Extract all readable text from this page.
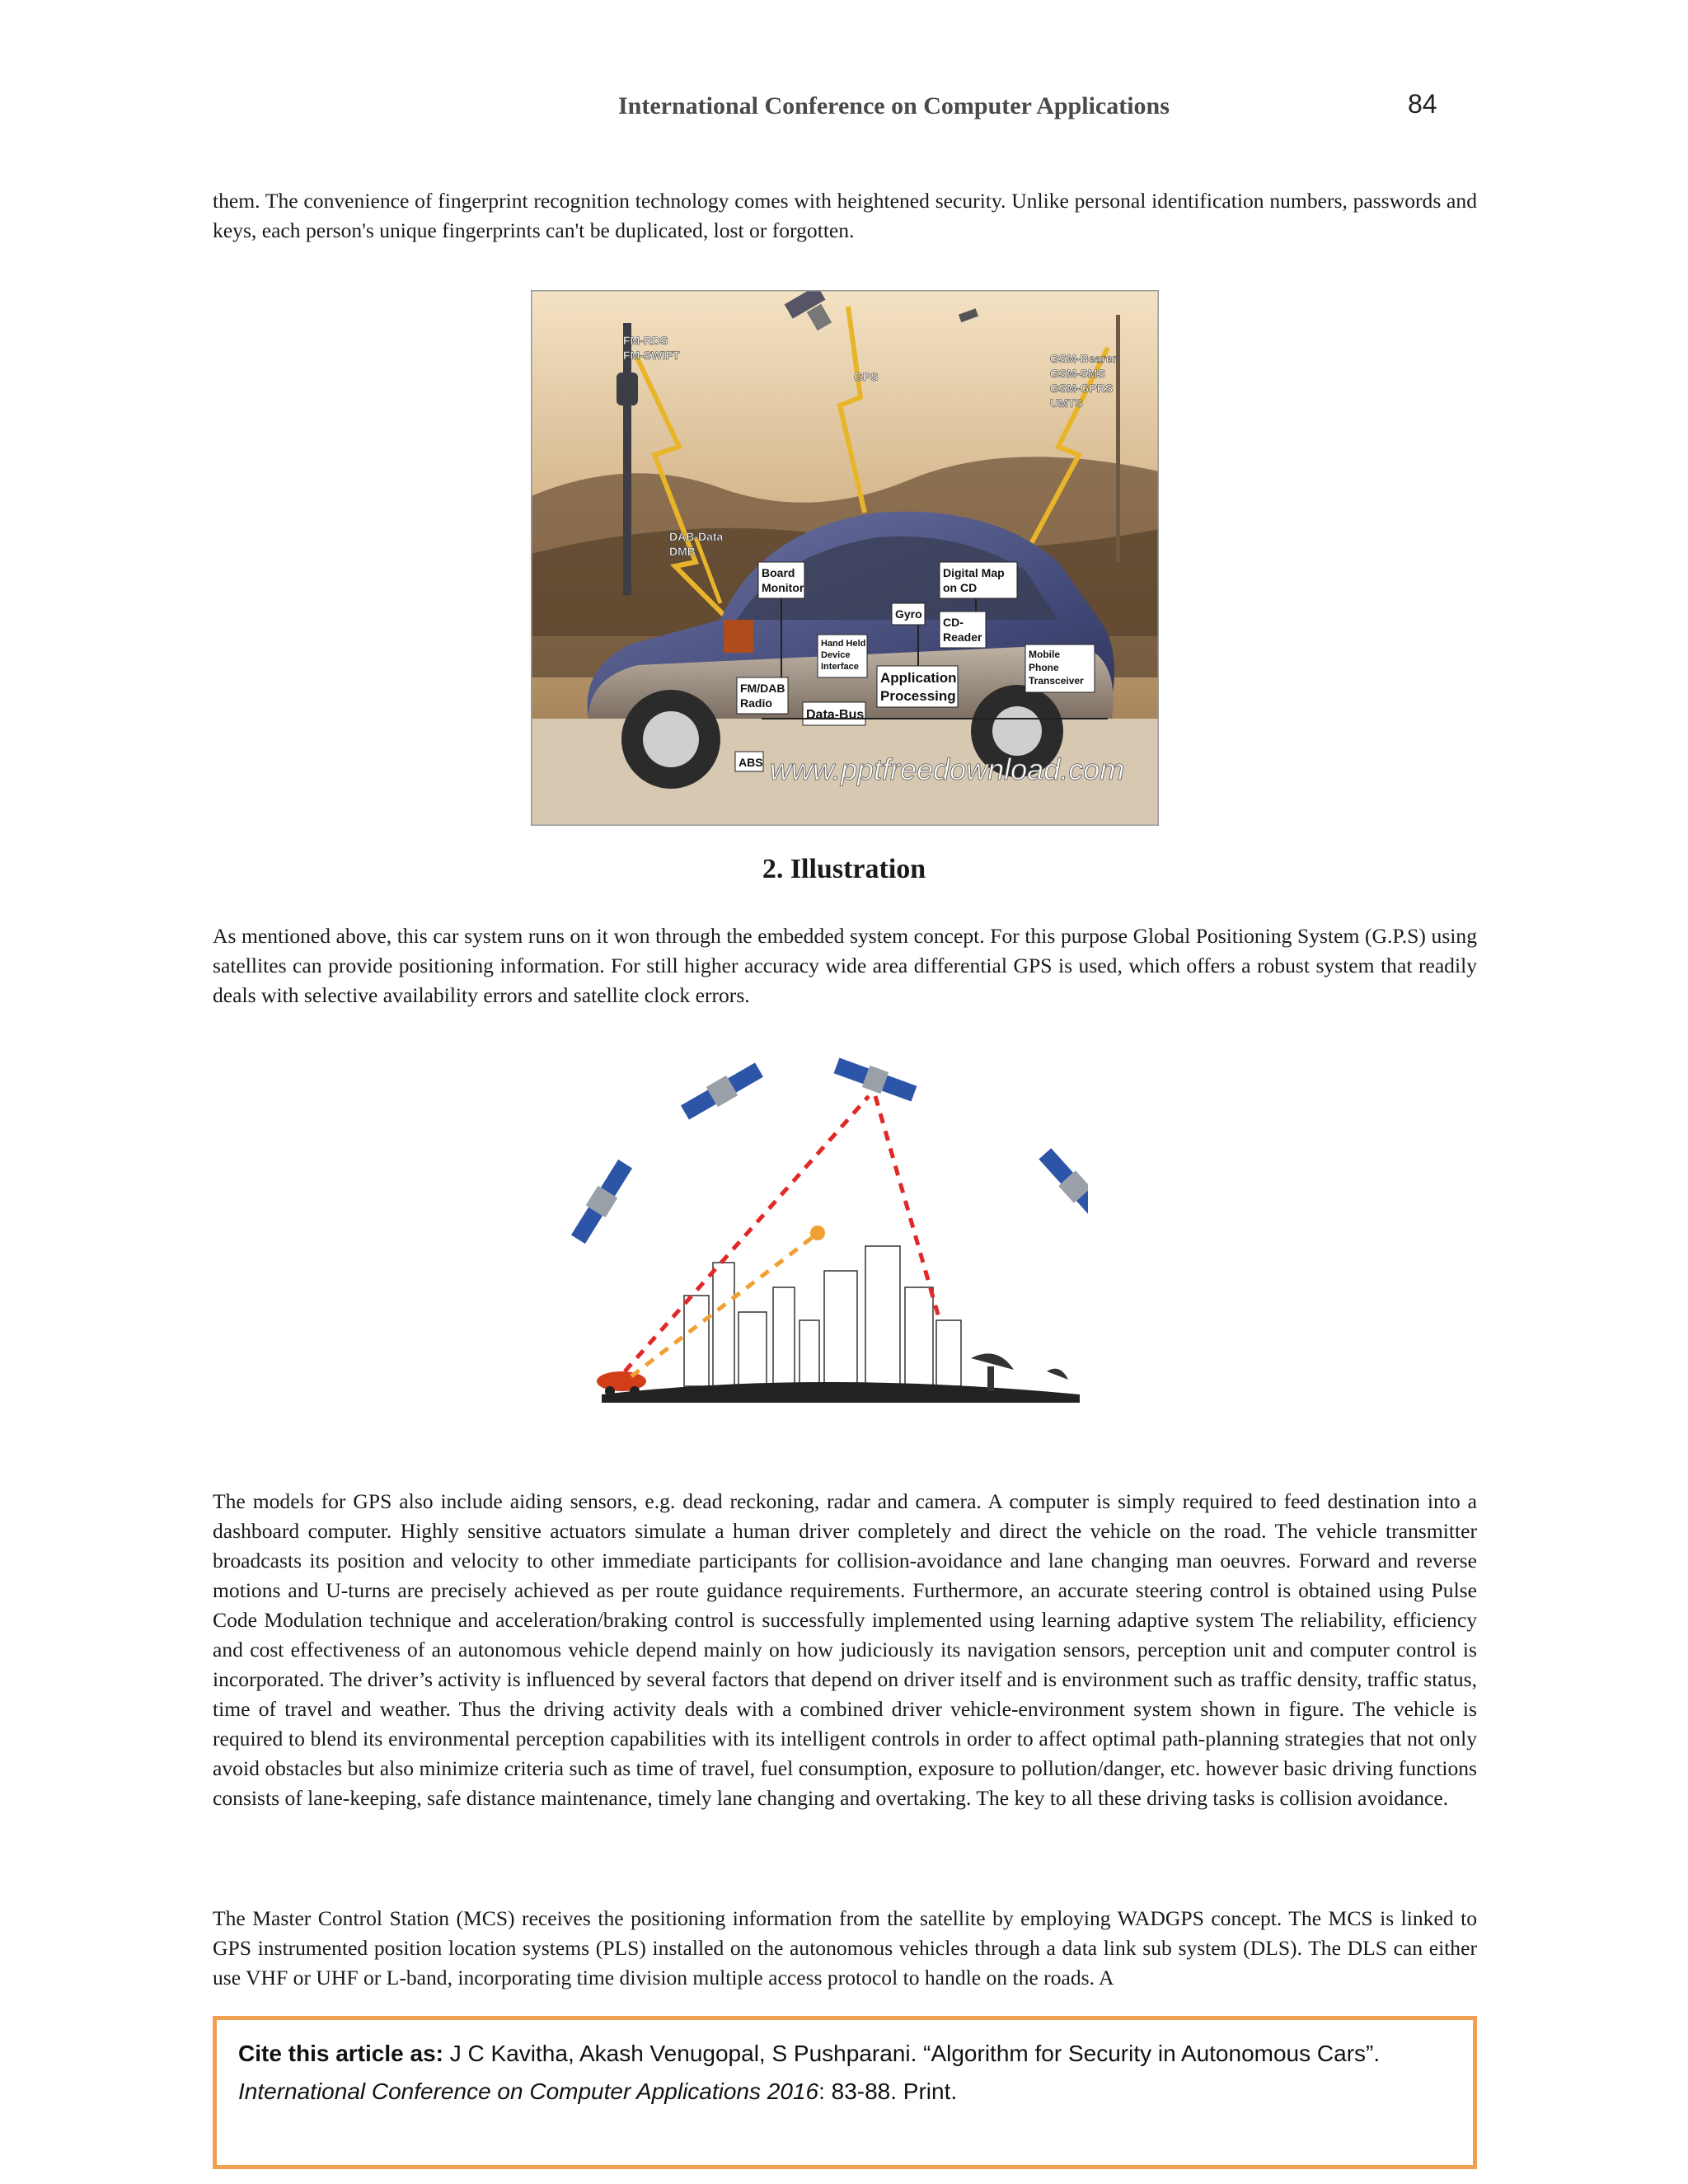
International Conference on Computer Applications	84

them. The convenience of fingerprint recognition technology comes with heightened security. Unlike personal identification numbers, passwords and keys, each person's unique fingerprints can't be duplicated, lost or forgotten.

FM-RDS
FM-SWIFT
GPS
GSM-Bearer
GSM-SMS
GSM-GPRS
UMTS
DAB-Data
DMB
Board
Monitor
Digital Map
on CD
Gyro
CD-
Reader
Hand Held
Device
Interface
Mobile
Phone
Transceiver
Application
Processing
FM/DAB
Radio
Data-Bus
ABS www.pptfreedownload.com
2. Illustration

As mentioned above, this car system runs on it won through the embedded system concept. For this purpose Global Positioning System (G.P.S) using satellites can provide positioning information. For still higher accuracy wide area differential GPS is used, which offers a robust system that readily deals with selective availability errors and satellite clock errors.

The models for GPS also include aiding sensors, e.g. dead reckoning, radar and camera. A computer is simply required to feed destination into a dashboard computer. Highly sensitive actuators simulate a human driver completely and direct the vehicle on the road. The vehicle transmitter broadcasts its position and velocity to other immediate participants for collision-avoidance and lane changing man oeuvres. Forward and reverse motions and U-turns are precisely achieved as per route guidance requirements. Furthermore, an accurate steering control is obtained using Pulse Code Modulation technique and acceleration/braking control is successfully implemented using learning adaptive system The reliability, efficiency and cost effectiveness of an autonomous vehicle depend mainly on how judiciously its navigation sensors, perception unit and computer control is incorporated. The driver’s activity is influenced by several factors that depend on driver itself and is environment such as traffic density, traffic status, time of travel and weather. Thus the driving activity deals with a combined driver vehicle-environment system shown in figure. The vehicle is required to blend its environmental perception capabilities with its intelligent controls in order to affect optimal path-planning strategies that not only avoid obstacles but also minimize criteria such as time of travel, fuel consumption, exposure to pollution/danger, etc. however basic driving functions consists of lane-keeping, safe distance maintenance, timely lane changing and overtaking. The key to all these driving tasks is collision avoidance.

The Master Control Station (MCS) receives the positioning information from the satellite by employing WADGPS concept. The MCS is linked to GPS instrumented position location systems (PLS) installed on the autonomous vehicles through a data link sub system (DLS). The DLS can either use VHF or UHF or L-band, incorporating time division multiple access protocol to handle on the roads. A

Cite this article as: J C Kavitha, Akash Venugopal, S Pushparani. “Algorithm for Security in Autonomous Cars”.
International Conference on Computer Applications 2016: 83-88. Print.
